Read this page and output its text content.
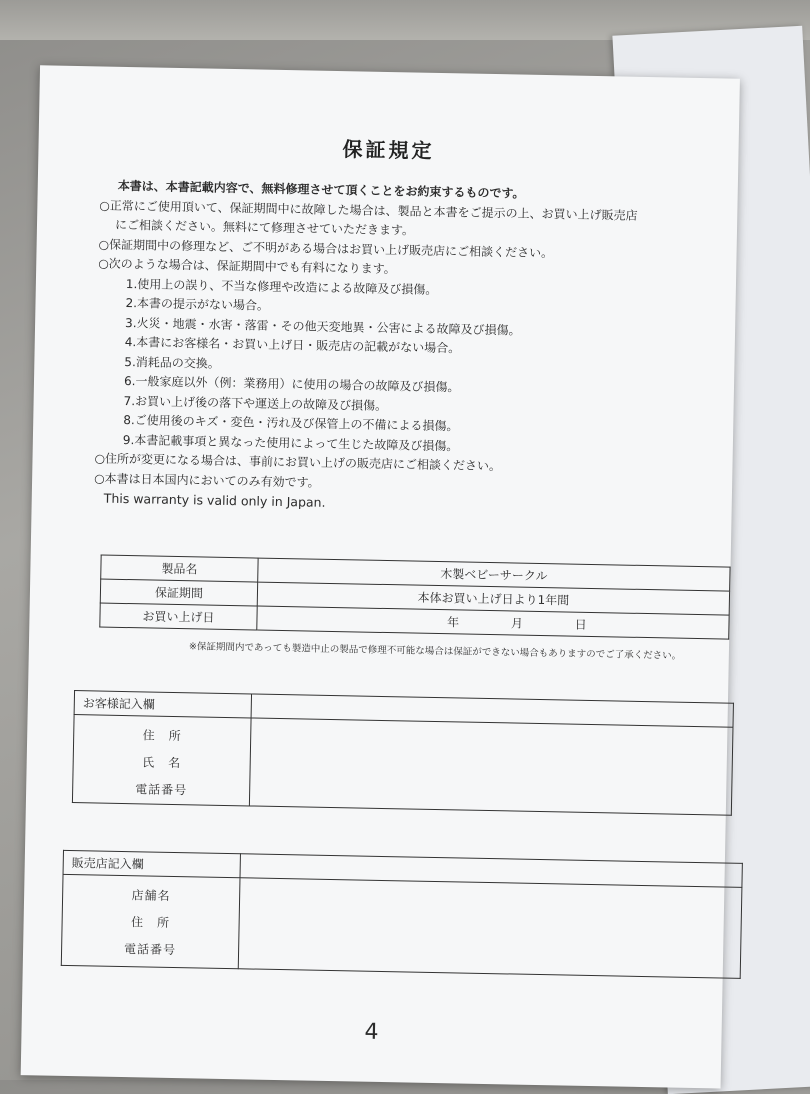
保証規定
本書は、本書記載内容で、無料修理させて頂くことをお約束するものです。
○正常にご使用頂いて、保証期間中に故障した場合は、製品と本書をご提示の上、お買い上げ販売店
にご相談ください。無料にて修理させていただきます。
○保証期間中の修理など、ご不明がある場合はお買い上げ販売店にご相談ください。
○次のような場合は、保証期間中でも有料になります。
1.使用上の誤り、不当な修理や改造による故障及び損傷。
2.本書の提示がない場合。
3.火災・地震・水害・落雷・その他天変地異・公害による故障及び損傷。
4.本書にお客様名・お買い上げ日・販売店の記載がない場合。
5.消耗品の交換。
6.一般家庭以外（例：業務用）に使用の場合の故障及び損傷。
7.お買い上げ後の落下や運送上の故障及び損傷。
8.ご使用後のキズ・変色・汚れ及び保管上の不備による損傷。
9.本書記載事項と異なった使用によって生じた故障及び損傷。
○住所が変更になる場合は、事前にお買い上げの販売店にご相談ください。
○本書は日本国内においてのみ有効です。
This warranty is valid only in Japan.
製品名	木製ベビーサークル
保証期間	本体お買い上げ日より1年間
お買い上げ日	年 月 日
※保証期間内であっても製造中止の製品で修理不可能な場合は保証ができない場合もありますのでご了承ください。
お客様記入欄	

住　所
氏　名
電話番号	

販売店記入欄	

店舗名
住　所
電話番号	

4
